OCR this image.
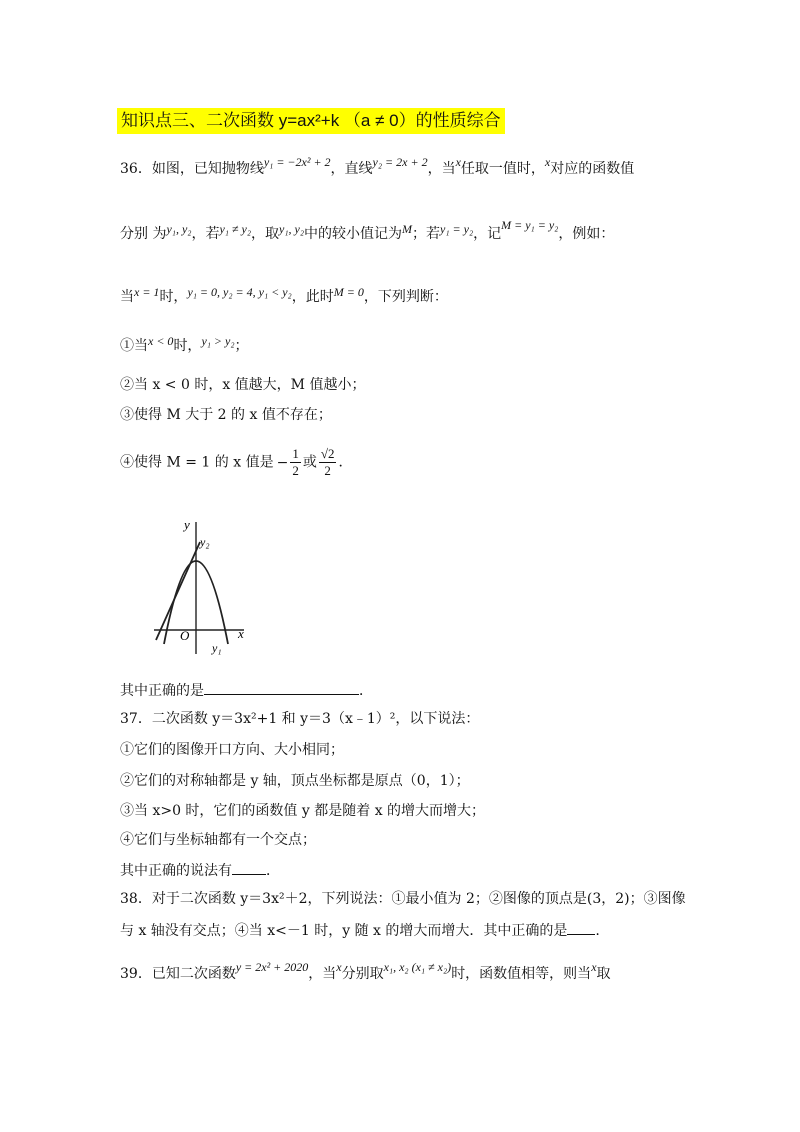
知识点三、二次函数 y=ax²+k （a ≠ 0）的性质综合
36．如图，已知抛物线y₁ = −2x² + 2，直线y₂ = 2x + 2，当x任取一值时，x对应的函数值
分别 为y₁, y₂，若y₁ ≠ y₂，取y₁, y₂中的较小值记为M；若y₁ = y₂，记M = y₁ = y₂，例如：
当x = 1时，y₁ = 0, y₂ = 4, y₁ < y₂，此时M = 0，下列判断：
①当x < 0时，y₁ > y₂；
②当 x < 0 时，x 值越大，M 值越小；
③使得 M 大于 2 的 x 值不存在；
④使得 M = 1 的 x 值是 − $\frac{1}{2}$ 或 $\frac{√2}{2}$ ．
y
y₂
O	x
y₁
其中正确的是	．
37．二次函数 y＝3x²+1 和 y＝3（x﹣1）²，以下说法：
①它们的图像开口方向、大小相同；
②它们的对称轴都是 y 轴，顶点坐标都是原点（0，1）；
③当 x>0 时，它们的函数值 y 都是随着 x 的增大而增大；
④它们与坐标轴都有一个交点；
其中正确的说法有 ．
38．对于二次函数 y＝3x²＋2，下列说法：①最小值为 2；②图像的顶点是(3，2)；③图像
与 x 轴没有交点；④当 x<－1 时，y 随 x 的增大而增大．其中正确的是 .
39．已知二次函数y = 2x² + 2020，当x分别取x₁, x₂ (x₁ ≠ x₂)时，函数值相等，则当x取
